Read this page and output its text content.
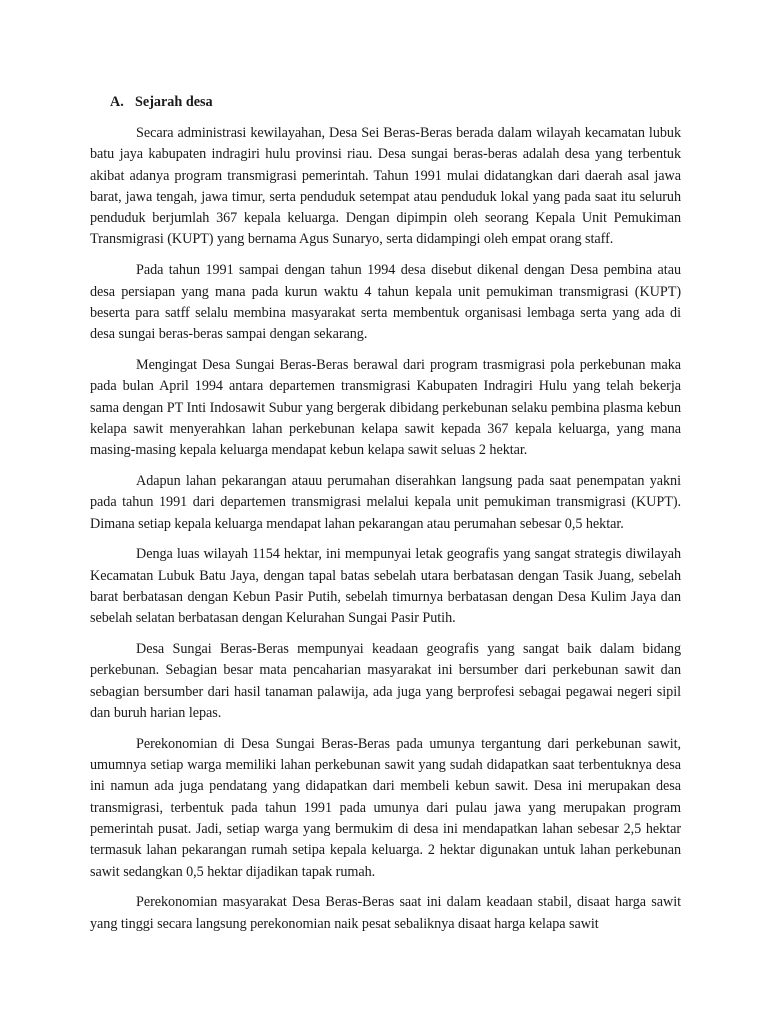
A. Sejarah desa

Secara administrasi kewilayahan, Desa Sei Beras-Beras berada dalam wilayah kecamatan lubuk batu jaya kabupaten indragiri hulu provinsi riau. Desa sungai beras-beras adalah desa yang terbentuk akibat adanya program transmigrasi pemerintah. Tahun 1991 mulai didatangkan dari daerah asal jawa barat, jawa tengah, jawa timur, serta penduduk setempat atau penduduk lokal yang pada saat itu seluruh penduduk berjumlah 367 kepala keluarga. Dengan dipimpin oleh seorang Kepala Unit Pemukiman Transmigrasi (KUPT) yang bernama Agus Sunaryo, serta didampingi oleh empat orang staff.

Pada tahun 1991 sampai dengan tahun 1994 desa disebut dikenal dengan Desa pembina atau desa persiapan yang mana pada kurun waktu 4 tahun kepala unit pemukiman transmigrasi (KUPT) beserta para satff selalu membina masyarakat serta membentuk organisasi lembaga serta yang ada di desa sungai beras-beras sampai dengan sekarang.

Mengingat Desa Sungai Beras-Beras berawal dari program trasmigrasi pola perkebunan maka pada bulan April 1994 antara departemen transmigrasi Kabupaten Indragiri Hulu yang telah bekerja sama dengan PT Inti Indosawit Subur yang bergerak dibidang perkebunan selaku pembina plasma kebun kelapa sawit menyerahkan lahan perkebunan kelapa sawit kepada 367 kepala keluarga, yang mana masing-masing kepala keluarga mendapat kebun kelapa sawit seluas 2 hektar.

Adapun lahan pekarangan atauu perumahan diserahkan langsung pada saat penempatan yakni pada tahun 1991 dari departemen transmigrasi melalui kepala unit pemukiman transmigrasi (KUPT). Dimana setiap kepala keluarga mendapat lahan pekarangan atau perumahan sebesar 0,5 hektar.

Denga luas wilayah 1154 hektar, ini mempunyai letak geografis yang sangat strategis diwilayah Kecamatan Lubuk Batu Jaya, dengan tapal batas sebelah utara berbatasan dengan Tasik Juang, sebelah barat berbatasan dengan Kebun Pasir Putih, sebelah timurnya berbatasan dengan Desa Kulim Jaya dan sebelah selatan berbatasan dengan Kelurahan Sungai Pasir Putih.

Desa Sungai Beras-Beras mempunyai keadaan geografis yang sangat baik dalam bidang perkebunan. Sebagian besar mata pencaharian masyarakat ini bersumber dari perkebunan sawit dan sebagian bersumber dari hasil tanaman palawija, ada juga yang berprofesi sebagai pegawai negeri sipil dan buruh harian lepas.

Perekonomian di Desa Sungai Beras-Beras pada umunya tergantung dari perkebunan sawit, umumnya setiap warga memiliki lahan perkebunan sawit yang sudah didapatkan saat terbentuknya desa ini namun ada juga pendatang yang didapatkan dari membeli kebun sawit. Desa ini merupakan desa transmigrasi, terbentuk pada tahun 1991 pada umunya dari pulau jawa yang merupakan program pemerintah pusat. Jadi, setiap warga yang bermukim di desa ini mendapatkan lahan sebesar 2,5 hektar termasuk lahan pekarangan rumah setipa kepala keluarga. 2 hektar digunakan untuk lahan perkebunan sawit sedangkan 0,5 hektar dijadikan tapak rumah.

Perekonomian masyarakat Desa Beras-Beras saat ini dalam keadaan stabil, disaat harga sawit yang tinggi secara langsung perekonomian naik pesat sebaliknya disaat harga kelapa sawit
